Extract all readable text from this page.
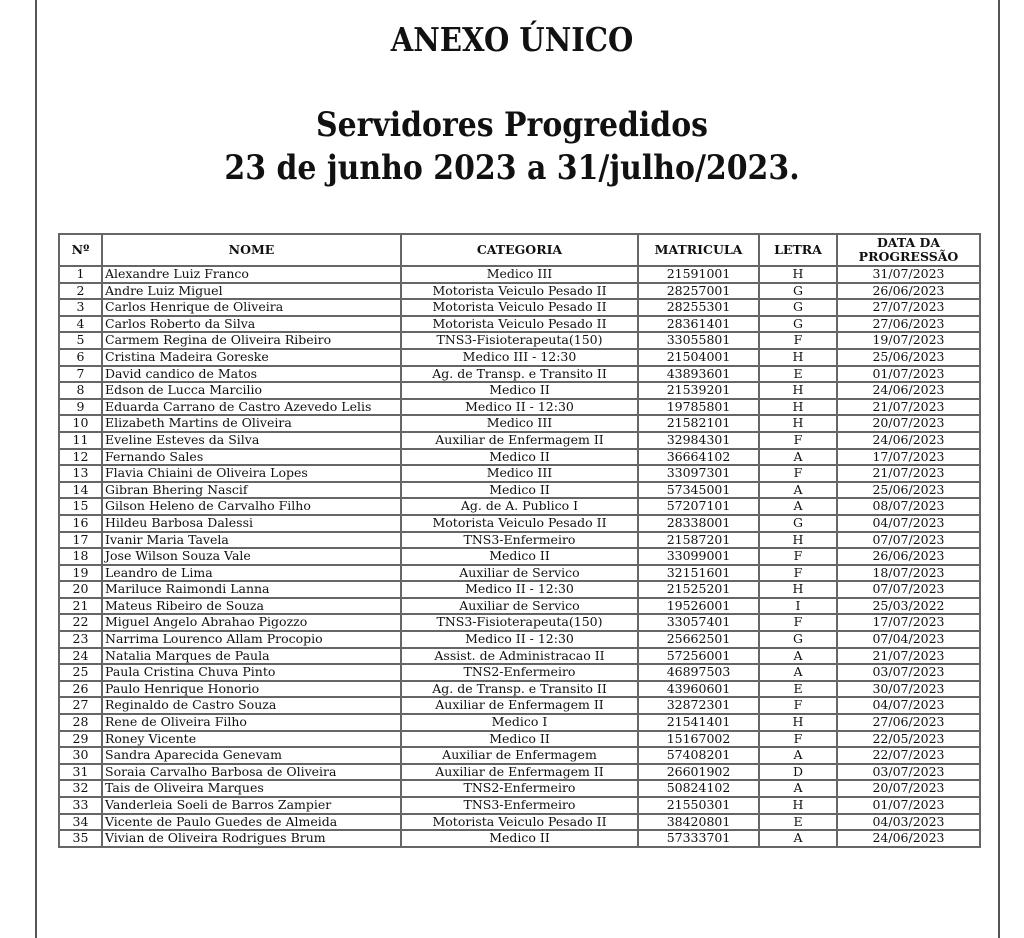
ANEXO ÚNICO
Servidores Progredidos
23 de junho 2023 a 31/julho/2023.
Nº	NOME	CATEGORIA	MATRICULA	LETRA	DATA DA
PROGRESSÃO

1	Alexandre Luiz Franco	Medico III	21591001	H	31/07/2023
2	Andre Luiz Miguel	Motorista Veiculo Pesado II	28257001	G	26/06/2023
3	Carlos Henrique de Oliveira	Motorista Veiculo Pesado II	28255301	G	27/07/2023
4	Carlos Roberto da Silva	Motorista Veiculo Pesado II	28361401	G	27/06/2023
5	Carmem Regina de Oliveira Ribeiro	TNS3-Fisioterapeuta(150)	33055801	F	19/07/2023
6	Cristina Madeira Goreske	Medico III - 12:30	21504001	H	25/06/2023
7	David candico de Matos	Ag. de Transp. e Transito II	43893601	E	01/07/2023
8	Edson de Lucca Marcilio	Medico II	21539201	H	24/06/2023
9	Eduarda Carrano de Castro Azevedo Lelis	Medico II - 12:30	19785801	H	21/07/2023
10	Elizabeth Martins de Oliveira	Medico III	21582101	H	20/07/2023
11	Eveline Esteves da Silva	Auxiliar de Enfermagem II	32984301	F	24/06/2023
12	Fernando Sales	Medico II	36664102	A	17/07/2023
13	Flavia Chiaini de Oliveira Lopes	Medico III	33097301	F	21/07/2023
14	Gibran Bhering Nascif	Medico II	57345001	A	25/06/2023
15	Gilson Heleno de Carvalho Filho	Ag. de A. Publico I	57207101	A	08/07/2023
16	Hildeu Barbosa Dalessi	Motorista Veiculo Pesado II	28338001	G	04/07/2023
17	Ivanir Maria Tavela	TNS3-Enfermeiro	21587201	H	07/07/2023
18	Jose Wilson Souza Vale	Medico II	33099001	F	26/06/2023
19	Leandro de Lima	Auxiliar de Servico	32151601	F	18/07/2023
20	Mariluce Raimondi Lanna	Medico II - 12:30	21525201	H	07/07/2023
21	Mateus Ribeiro de Souza	Auxiliar de Servico	19526001	I	25/03/2022
22	Miguel Angelo Abrahao Pigozzo	TNS3-Fisioterapeuta(150)	33057401	F	17/07/2023
23	Narrima Lourenco Allam Procopio	Medico II - 12:30	25662501	G	07/04/2023
24	Natalia Marques de Paula	Assist. de Administracao II	57256001	A	21/07/2023
25	Paula Cristina Chuva Pinto	TNS2-Enfermeiro	46897503	A	03/07/2023
26	Paulo Henrique Honorio	Ag. de Transp. e Transito II	43960601	E	30/07/2023
27	Reginaldo de Castro Souza	Auxiliar de Enfermagem II	32872301	F	04/07/2023
28	Rene de Oliveira Filho	Medico I	21541401	H	27/06/2023
29	Roney Vicente	Medico II	15167002	F	22/05/2023
30	Sandra Aparecida Genevam	Auxiliar de Enfermagem	57408201	A	22/07/2023
31	Soraia Carvalho Barbosa de Oliveira	Auxiliar de Enfermagem II	26601902	D	03/07/2023
32	Tais de Oliveira Marques	TNS2-Enfermeiro	50824102	A	20/07/2023
33	Vanderleia Soeli de Barros Zampier	TNS3-Enfermeiro	21550301	H	01/07/2023
34	Vicente de Paulo Guedes de Almeida	Motorista Veiculo Pesado II	38420801	E	04/03/2023
35	Vivian de Oliveira Rodrigues Brum	Medico II	57333701	A	24/06/2023
